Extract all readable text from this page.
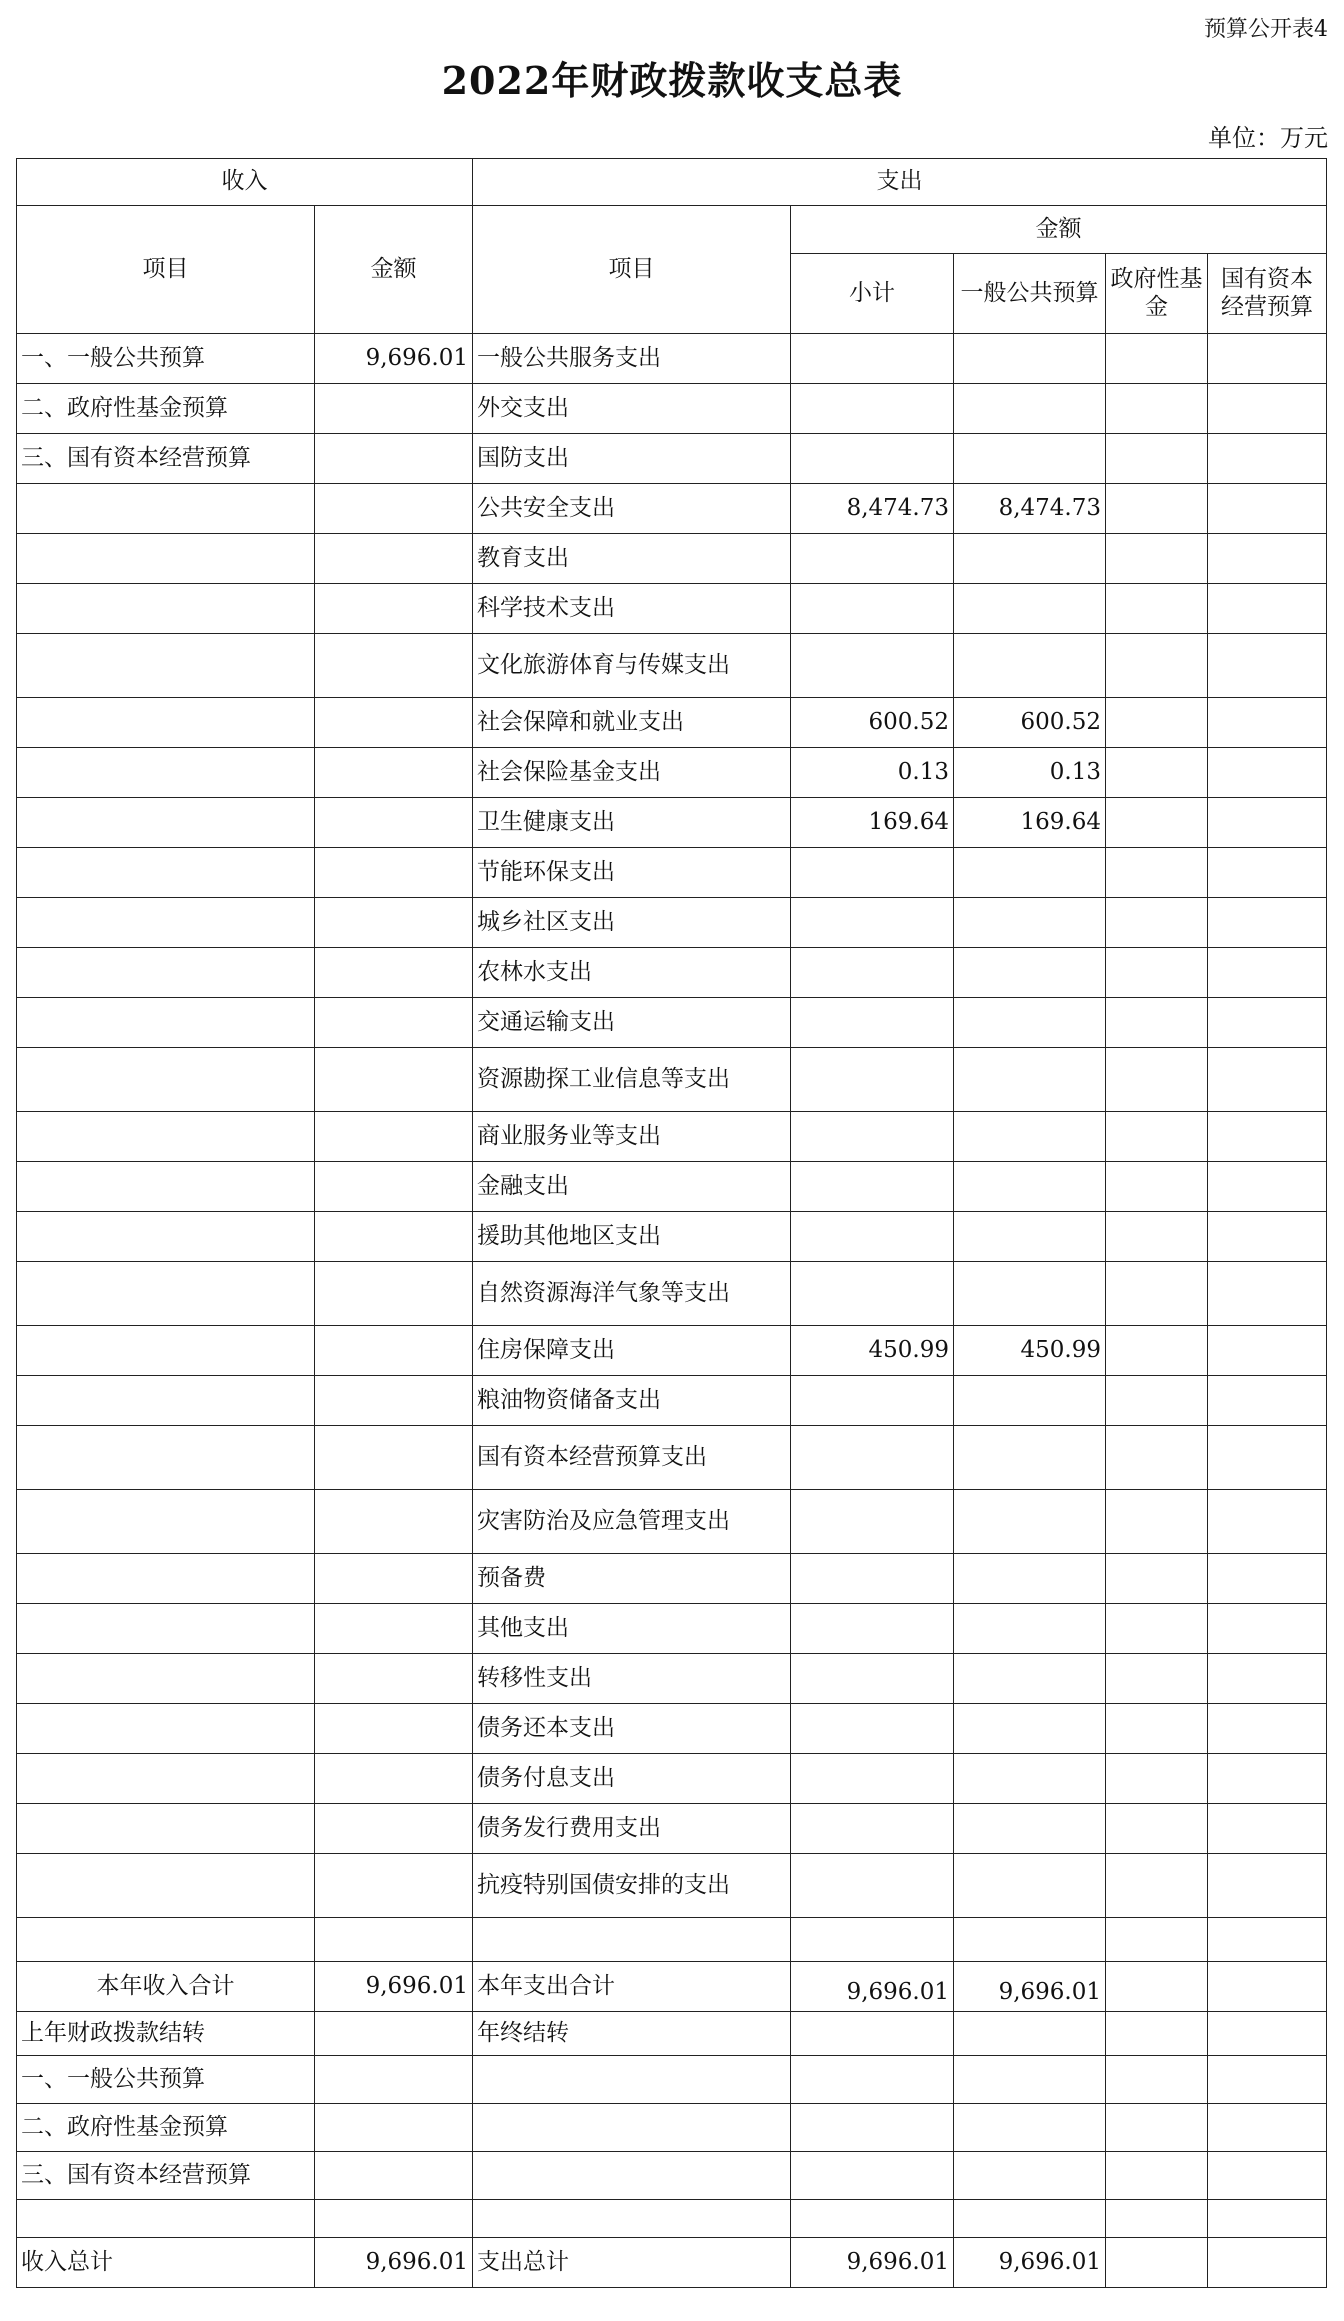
预算公开表4
2022年财政拨款收支总表
单位：万元
收入		支出				
项目	金额	项目	金额			
			小计	一般公共预算	政府性基金	国有资本经营预算
一、一般公共预算	9,696.01	一般公共服务支出				
二、政府性基金预算		外交支出				
三、国有资本经营预算		国防支出				
		公共安全支出	8,474.73	8,474.73		
		教育支出				
		科学技术支出				
		文化旅游体育与传媒支出				
		社会保障和就业支出	600.52	600.52		
		社会保险基金支出	0.13	0.13		
		卫生健康支出	169.64	169.64		
		节能环保支出				
		城乡社区支出				
		农林水支出				
		交通运输支出				
		资源勘探工业信息等支出				
		商业服务业等支出				
		金融支出				
		援助其他地区支出				
		自然资源海洋气象等支出				
		住房保障支出	450.99	450.99		
		粮油物资储备支出				
		国有资本经营预算支出				
		灾害防治及应急管理支出				
		预备费				
		其他支出				
		转移性支出				
		债务还本支出				
		债务付息支出				
		债务发行费用支出				
		抗疫特别国债安排的支出				

本年收入合计	9,696.01	本年支出合计	9,696.01	9,696.01		
上年财政拨款结转		年终结转				
一、一般公共预算						
二、政府性基金预算						
三、国有资本经营预算						

收入总计	9,696.01	支出总计	9,696.01	9,696.01		
